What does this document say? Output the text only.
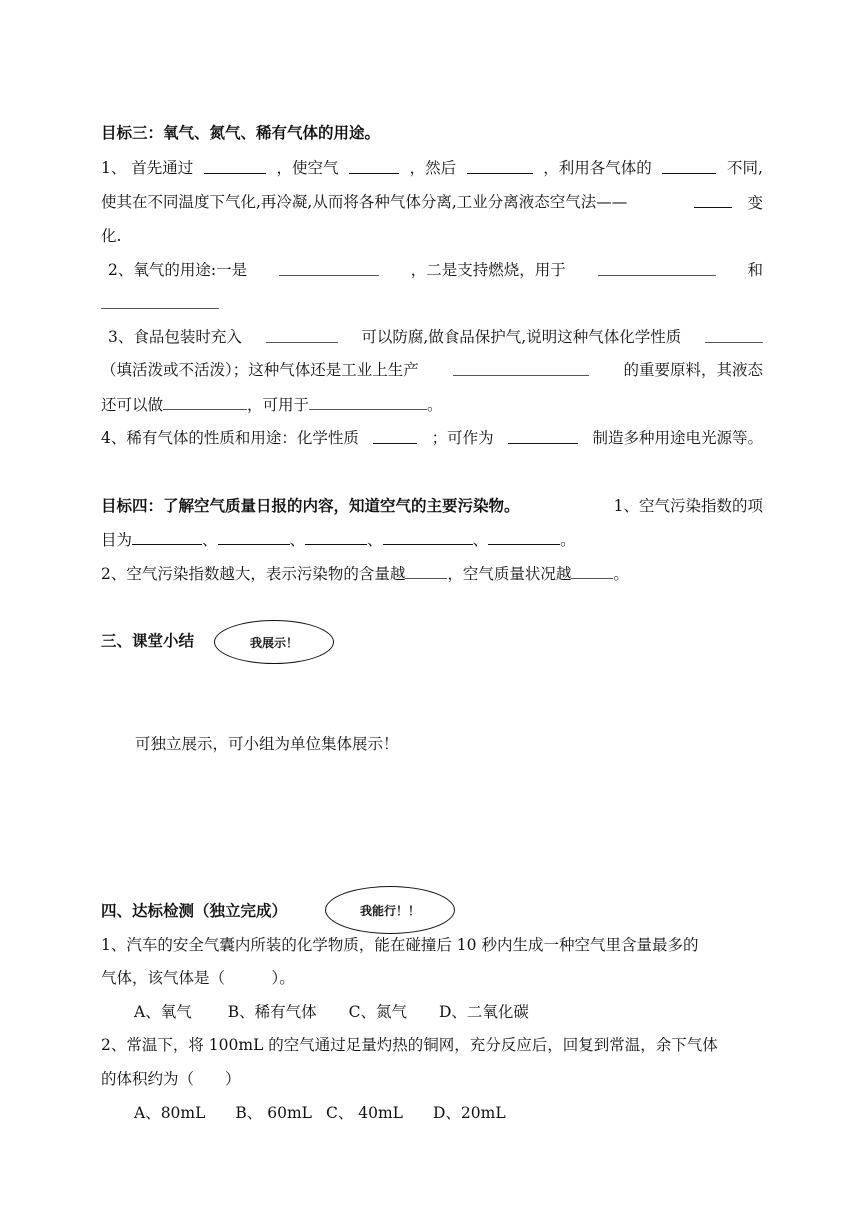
目标三：氧气、氮气、稀有气体的用途。
1、 首先通过	，使空气	，然后	，利用各气体的	不同,
使其在不同温度下气化,再冷凝,从而将各种气体分离,工业分离液态空气法——
　	变
化.
2、氧气的用途:一是	，二是支持燃烧，用于	和
3、食品包装时充入	可以防腐,做食品保护气,说明这种气体化学性质
（填活泼或不活泼）；这种气体还是工业上生产	的重要原料，其液态
还可以做	，可用于	。
4、稀有气体的性质和用途：化学性质	；可作为	制造多种用途电光源等。
目标四：了解空气质量日报的内容，知道空气的主要污染物。	1、空气污染指数的项
目为	、	、	、	、	。
2、空气污染指数越大，表示污染物的含量越	，空气质量状况越	。
三、课堂小结	我展示！
可独立展示，可小组为单位集体展示！
四、达标检测（独立完成）	我能行！！
1、汽车的安全气囊内所装的化学物质，能在碰撞后 10 秒内生成一种空气里含量最多的
气体，该气体是（　　　）。
A、氧气 B、稀有气体 C、氮气 D、二氧化碳
2、常温下，将 100mL 的空气通过足量灼热的铜网，充分反应后，回复到常温，余下气体
的体积约为（　　）
A、80mL B、 60mL C、 40mL D、20mL
